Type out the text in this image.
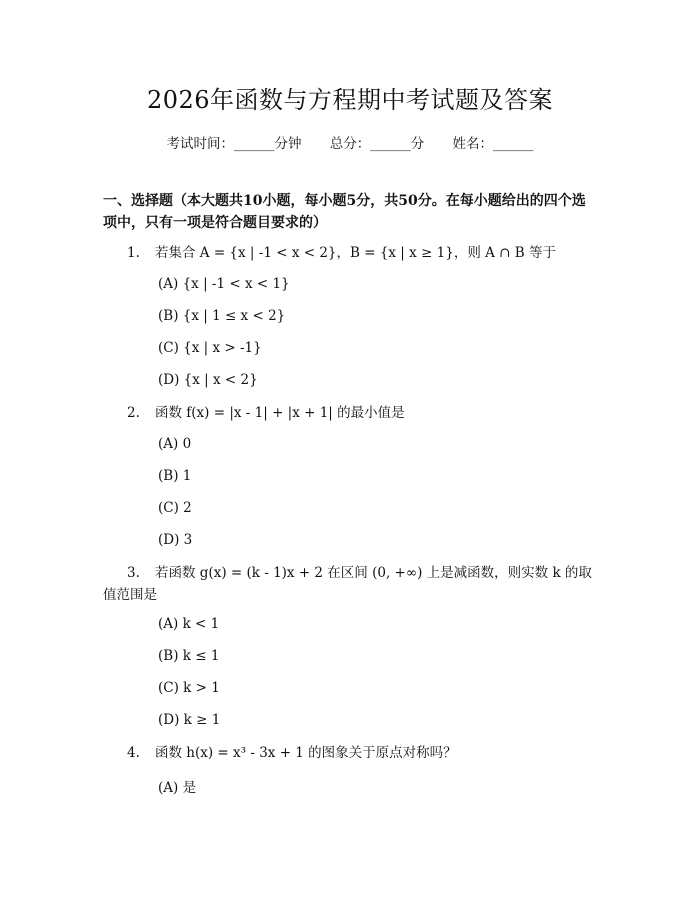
2026年函数与方程期中考试题及答案
考试时间：______分钟 总分：______分 姓名：______
一、选择题（本大题共10小题，每小题5分，共50分。在每小题给出的四个选项中，只有一项是符合题目要求的）
1. 若集合 A = {x | -1 < x < 2}，B = {x | x ≥ 1}，则 A ∩ B 等于
(A) {x | -1 < x < 1}
(B) {x | 1 ≤ x < 2}
(C) {x | x > -1}
(D) {x | x < 2}
2. 函数 f(x) = |x - 1| + |x + 1| 的最小值是
(A) 0
(B) 1
(C) 2
(D) 3
3. 若函数 g(x) = (k - 1)x + 2 在区间 (0, +∞) 上是减函数，则实数 k 的取值范围是
(A) k < 1
(B) k ≤ 1
(C) k > 1
(D) k ≥ 1
4. 函数 h(x) = x³ - 3x + 1 的图象关于原点对称吗？
(A) 是
